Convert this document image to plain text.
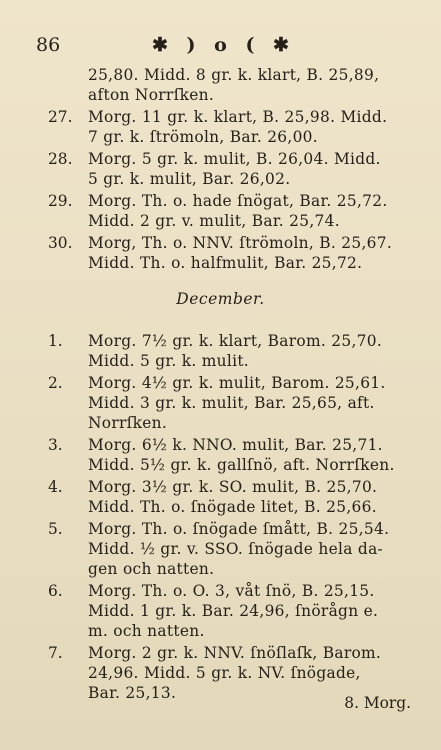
86	✱ ) o ( ✱
25,80. Midd. 8 gr. k. klart, B. 25,89,
afton Norrſken.
27. Morg. 11 gr. k. klart, B. 25,98. Midd.
7 gr. k. ſtrömoln, Bar. 26,00.
28. Morg. 5 gr. k. mulit, B. 26,04. Midd.
5 gr. k. mulit, Bar. 26,02.
29. Morg. Th. o. hade ſnögat, Bar. 25,72.
Midd. 2 gr. v. mulit, Bar. 25,74.
30. Morg, Th. o. NNV. ſtrömoln, B. 25,67.
Midd. Th. o. halfmulit, Bar. 25,72.
December.
1. Morg. 7½ gr. k. klart, Barom. 25,70.
Midd. 5 gr. k. mulit.
2. Morg. 4½ gr. k. mulit, Barom. 25,61.
Midd. 3 gr. k. mulit, Bar. 25,65, aft.
Norrſken.
3. Morg. 6½ k. NNO. mulit, Bar. 25,71.
Midd. 5½ gr. k. gallſnö, aft. Norrſken.
4. Morg. 3½ gr. k. SO. mulit, B. 25,70.
Midd. Th. o. ſnögade litet, B. 25,66.
5. Morg. Th. o. ſnögade ſmått, B. 25,54.
Midd. ½ gr. v. SSO. ſnögade hela da-
gen och natten.
6. Morg. Th. o. O. 3, våt ſnö, B. 25,15.
Midd. 1 gr. k. Bar. 24,96, ſnörågn e.
m. och natten.
7. Morg. 2 gr. k. NNV. ſnöſlaſk, Barom.
24,96. Midd. 5 gr. k. NV. ſnögade,
Bar. 25,13.
8. Morg.
